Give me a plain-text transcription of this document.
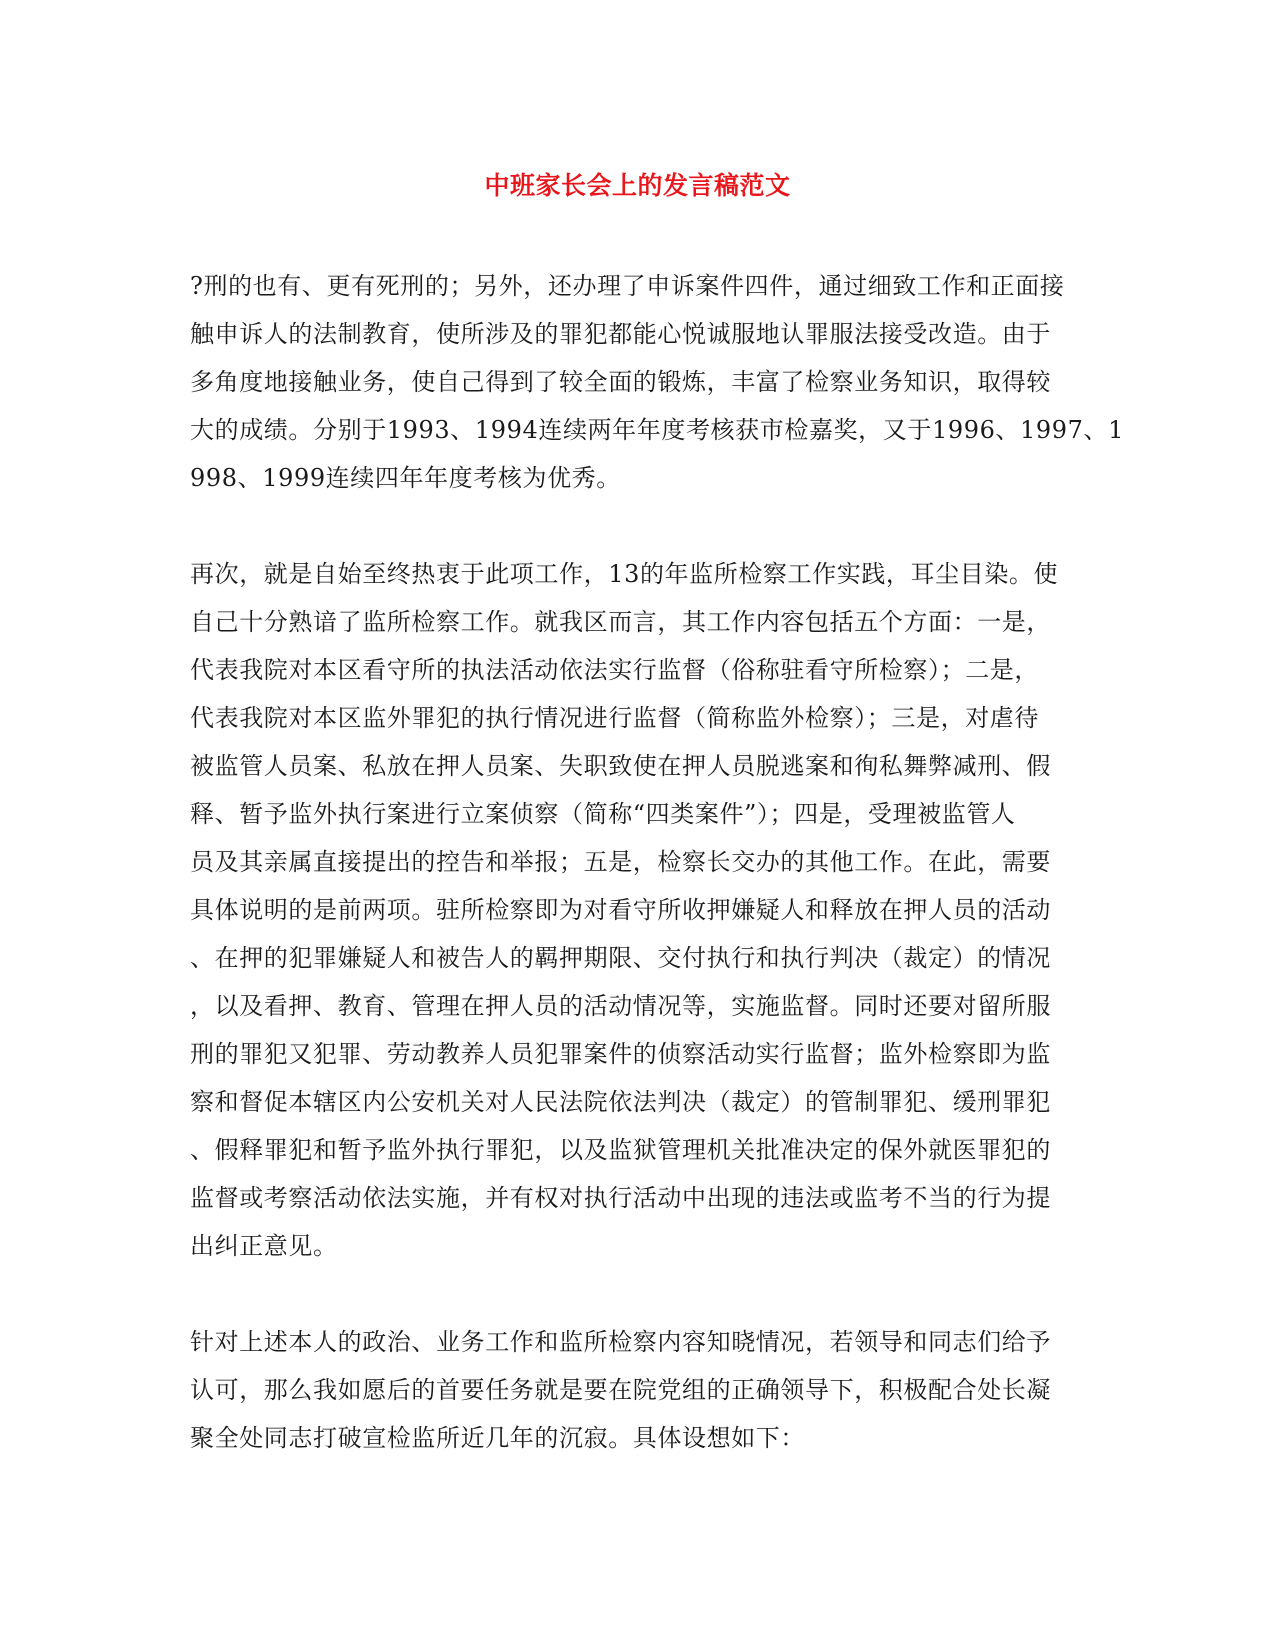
中班家长会上的发言稿范文
?刑的也有、更有死刑的；另外，还办理了申诉案件四件，通过细致工作和正面接
触申诉人的法制教育，使所涉及的罪犯都能心悦诚服地认罪服法接受改造。由于
多角度地接触业务，使自己得到了较全面的锻炼，丰富了检察业务知识，取得较
大的成绩。分别于1993、1994连续两年年度考核获市检嘉奖，又于1996、1997、1
998、1999连续四年年度考核为优秀。
再次，就是自始至终热衷于此项工作，13的年监所检察工作实践，耳尘目染。使
自己十分熟谙了监所检察工作。就我区而言，其工作内容包括五个方面：一是，
代表我院对本区看守所的执法活动依法实行监督（俗称驻看守所检察）；二是，
代表我院对本区监外罪犯的执行情况进行监督（简称监外检察）；三是，对虐待
被监管人员案、私放在押人员案、失职致使在押人员脱逃案和徇私舞弊减刑、假
释、暂予监外执行案进行立案侦察（简称“四类案件”）；四是，受理被监管人
员及其亲属直接提出的控告和举报；五是，检察长交办的其他工作。在此，需要
具体说明的是前两项。驻所检察即为对看守所收押嫌疑人和释放在押人员的活动
、在押的犯罪嫌疑人和被告人的羁押期限、交付执行和执行判决（裁定）的情况
，以及看押、教育、管理在押人员的活动情况等，实施监督。同时还要对留所服
刑的罪犯又犯罪、劳动教养人员犯罪案件的侦察活动实行监督；监外检察即为监
察和督促本辖区内公安机关对人民法院依法判决（裁定）的管制罪犯、缓刑罪犯
、假释罪犯和暂予监外执行罪犯，以及监狱管理机关批准决定的保外就医罪犯的
监督或考察活动依法实施，并有权对执行活动中出现的违法或监考不当的行为提
出纠正意见。
针对上述本人的政治、业务工作和监所检察内容知晓情况，若领导和同志们给予
认可，那么我如愿后的首要任务就是要在院党组的正确领导下，积极配合处长凝
聚全处同志打破宣检监所近几年的沉寂。具体设想如下：
